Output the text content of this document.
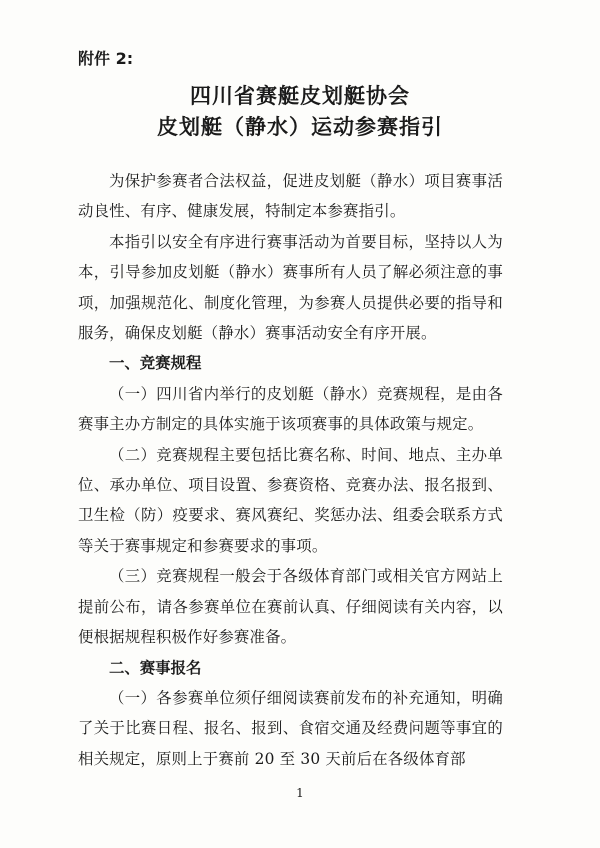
附件 2:
四川省赛艇皮划艇协会
皮划艇（静水）运动参赛指引

为保护参赛者合法权益，促进皮划艇（静水）项目赛事活动良性、有序、健康发展，特制定本参赛指引。

本指引以安全有序进行赛事活动为首要目标，坚持以人为本，引导参加皮划艇（静水）赛事所有人员了解必须注意的事项，加强规范化、制度化管理，为参赛人员提供必要的指导和服务，确保皮划艇（静水）赛事活动安全有序开展。

一、竞赛规程

（一）四川省内举行的皮划艇（静水）竞赛规程，是由各赛事主办方制定的具体实施于该项赛事的具体政策与规定。

（二）竞赛规程主要包括比赛名称、时间、地点、主办单位、承办单位、项目设置、参赛资格、竞赛办法、报名报到、卫生检（防）疫要求、赛风赛纪、奖惩办法、组委会联系方式等关于赛事规定和参赛要求的事项。

（三）竞赛规程一般会于各级体育部门或相关官方网站上提前公布，请各参赛单位在赛前认真、仔细阅读有关内容，以便根据规程积极作好参赛准备。

二、赛事报名

（一）各参赛单位须仔细阅读赛前发布的补充通知，明确了关于比赛日程、报名、报到、食宿交通及经费问题等事宜的相关规定，原则上于赛前 20 至 30 天前后在各级体育部

1
